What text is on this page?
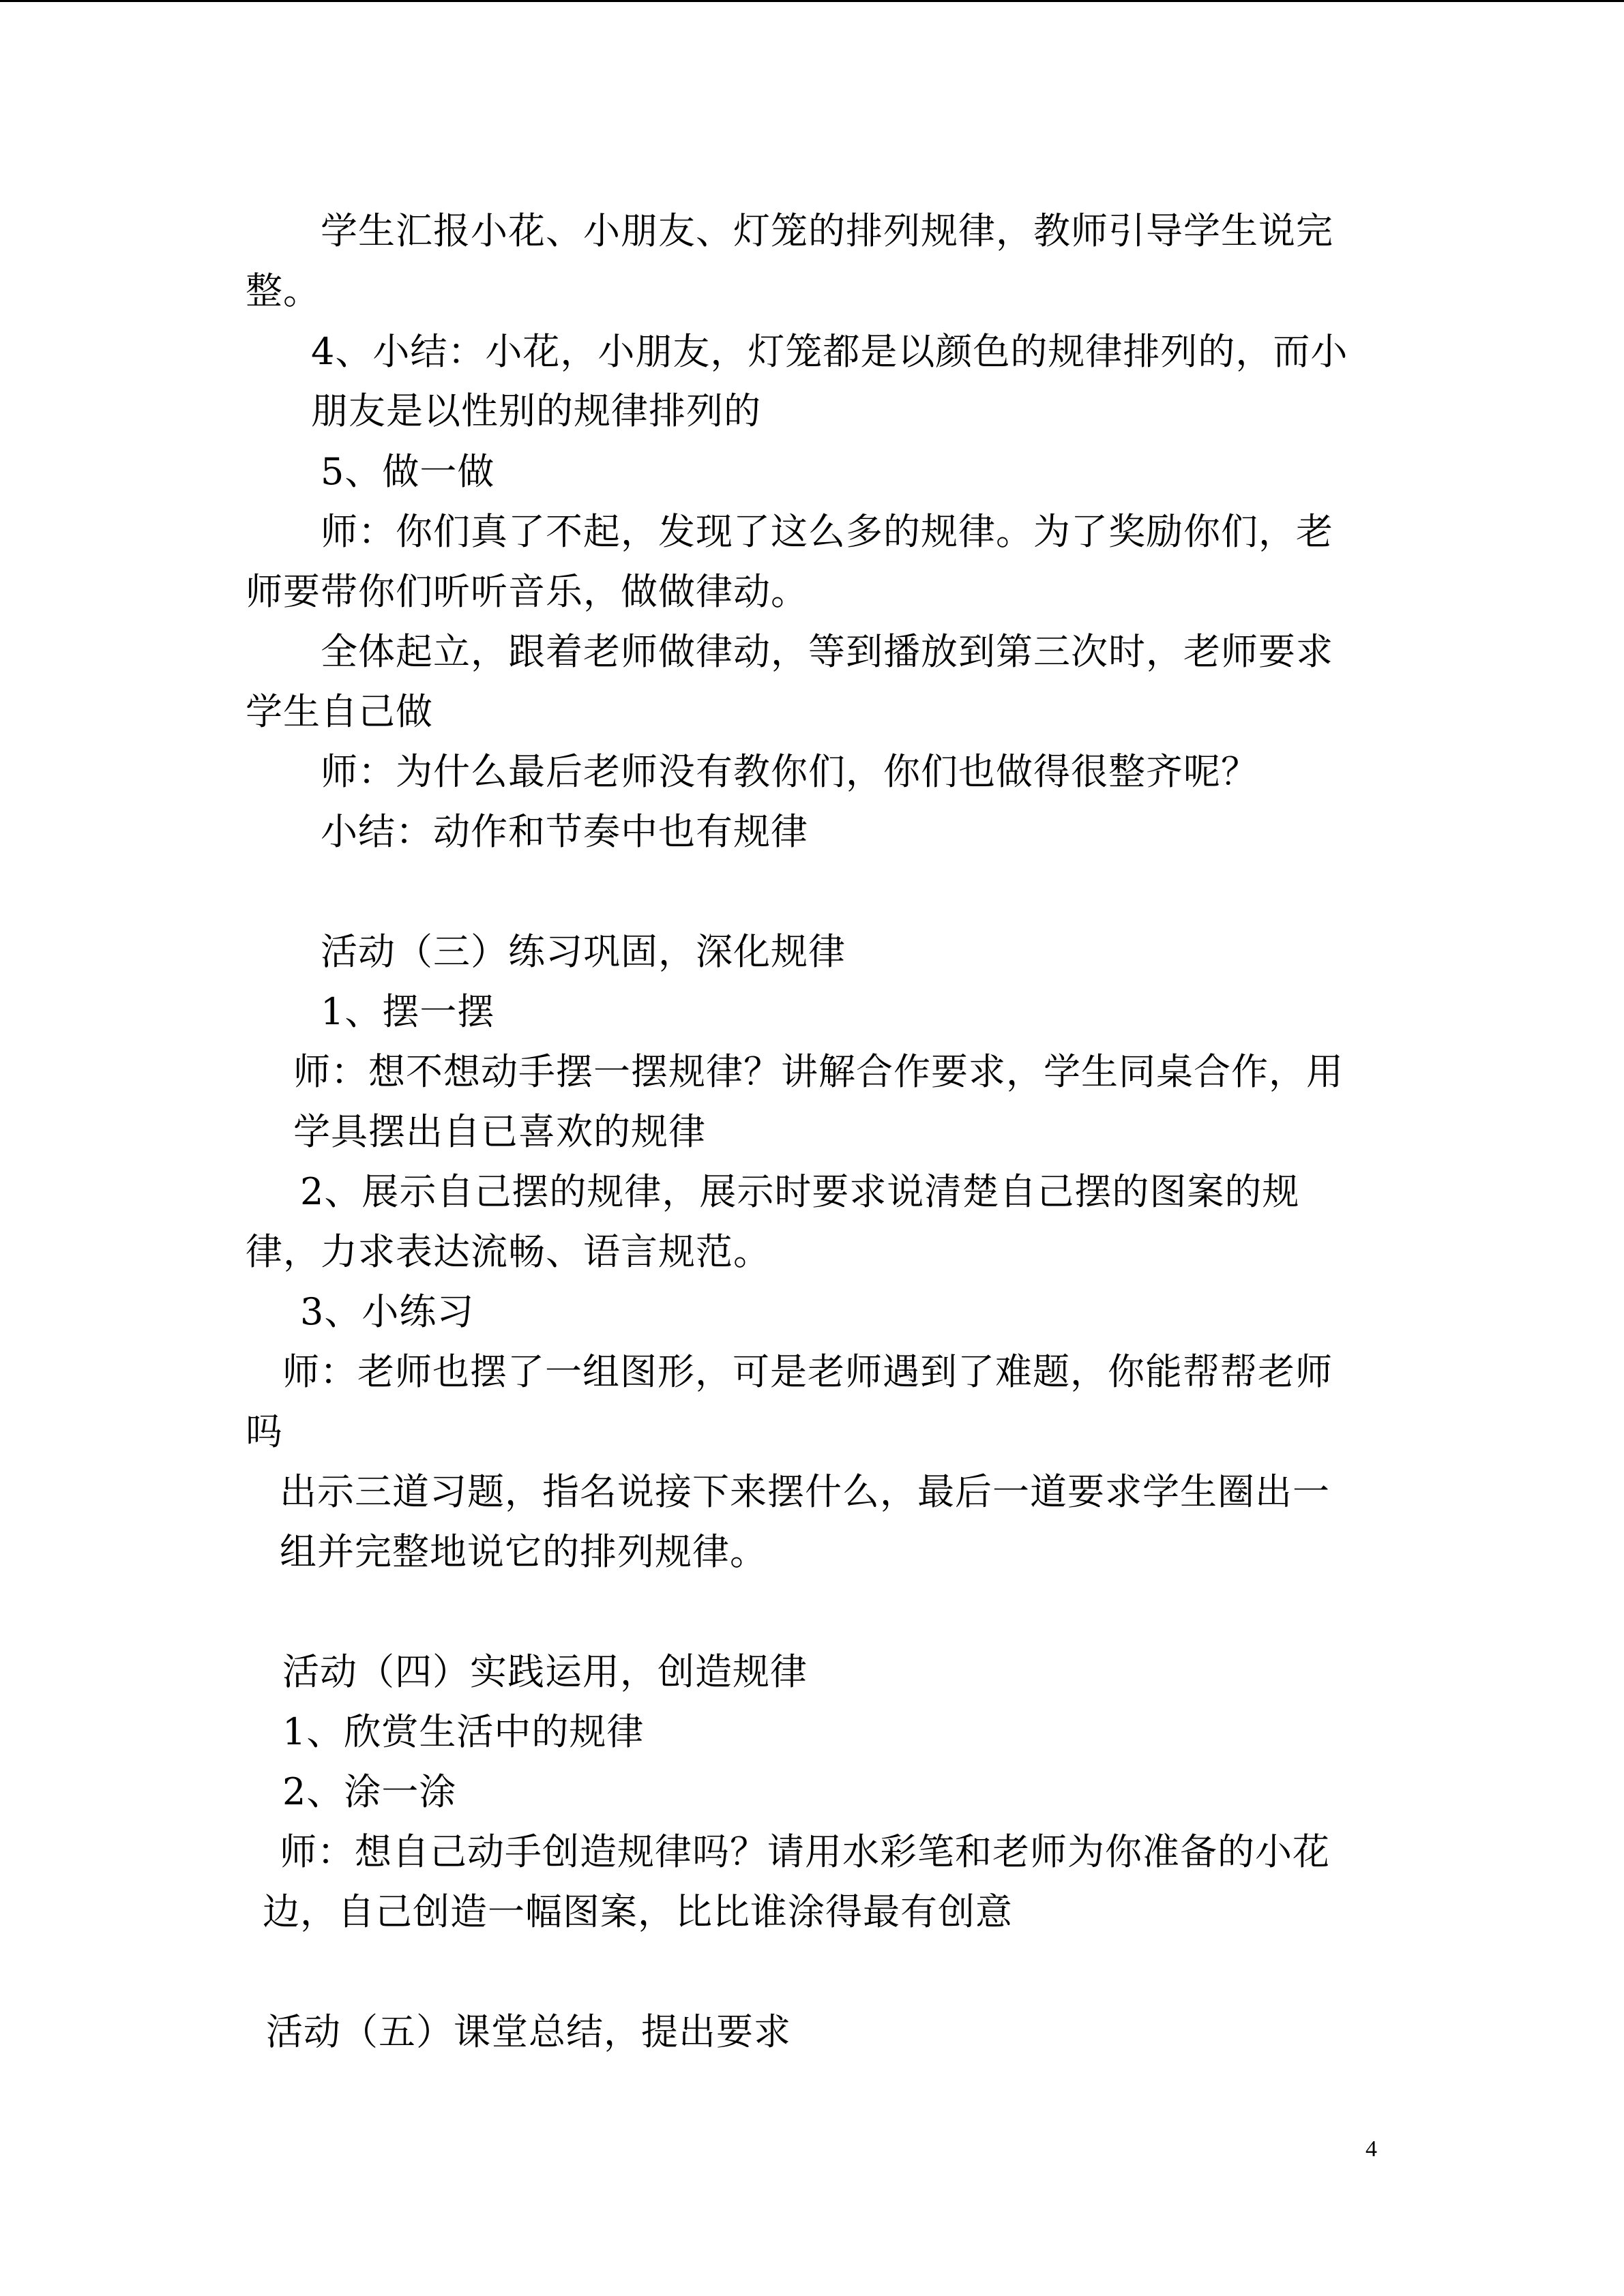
学生汇报小花、小朋友、灯笼的排列规律，教师引导学生说完
整。
4、小结：小花，小朋友，灯笼都是以颜色的规律排列的，而小
朋友是以性别的规律排列的
5、做一做
师：你们真了不起，发现了这么多的规律。为了奖励你们，老
师要带你们听听音乐，做做律动。
全体起立，跟着老师做律动，等到播放到第三次时，老师要求
学生自己做
师：为什么最后老师没有教你们，你们也做得很整齐呢？
小结：动作和节奏中也有规律
活动（三）练习巩固，深化规律
1、摆一摆
师：想不想动手摆一摆规律？讲解合作要求，学生同桌合作，用
学具摆出自已喜欢的规律
2、展示自己摆的规律，展示时要求说清楚自己摆的图案的规
律，力求表达流畅、语言规范。
3、小练习
师：老师也摆了一组图形，可是老师遇到了难题，你能帮帮老师
吗
出示三道习题，指名说接下来摆什么，最后一道要求学生圈出一
组并完整地说它的排列规律。
活动（四）实践运用，创造规律
1、欣赏生活中的规律
2、涂一涂
师：想自己动手创造规律吗？请用水彩笔和老师为你准备的小花
边，自己创造一幅图案，比比谁涂得最有创意
活动（五）课堂总结，提出要求
4
